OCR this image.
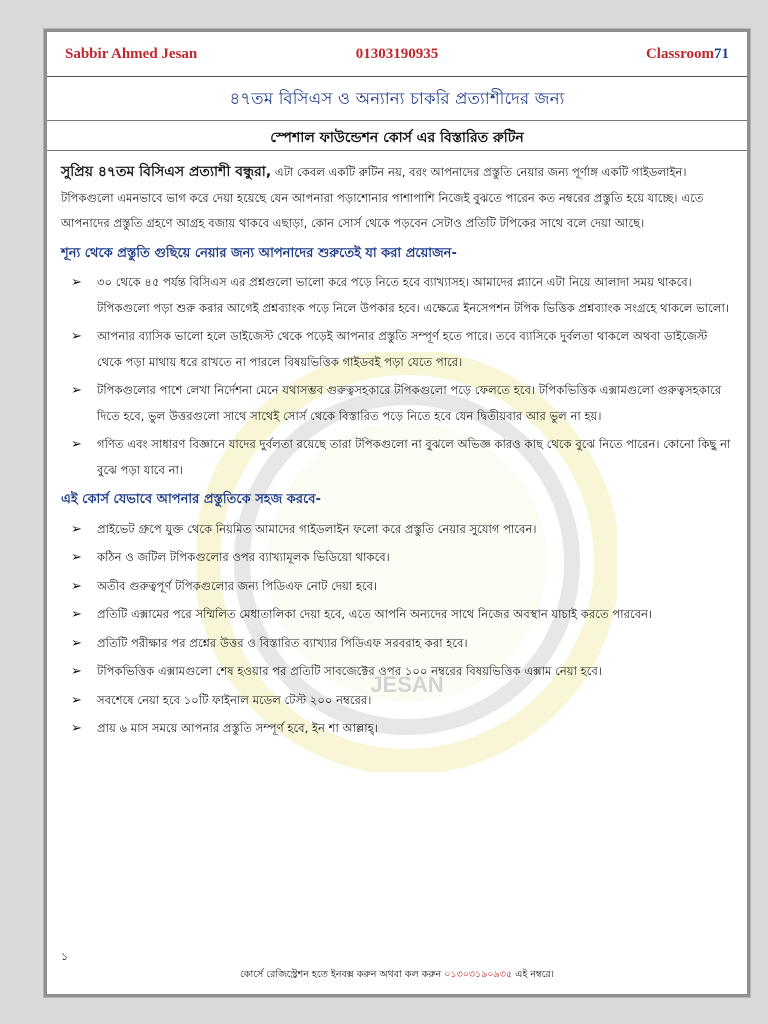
JESAN
Sabbir Ahmed Jesan	01303190935	Classroom71
৪৭তম বিসিএস ও অন্যান্য চাকরি প্রত্যাশীদের জন্য
স্পেশাল ফাউন্ডেশন কোর্স এর বিস্তারিত রুটিন
সুপ্রিয় ৪৭তম বিসিএস প্রত্যাশী বন্ধুরা, এটা কেবল একটি রুটিন নয়, বরং আপনাদের প্রস্তুতি নেয়ার জন্য পূর্ণাঙ্গ একটি গাইডলাইন। টপিকগুলো এমনভাবে ভাগ করে দেয়া হয়েছে যেন আপনারা পড়াশোনার পাশাপাশি নিজেই বুঝতে পারেন কত নম্বরের প্রস্তুতি হয়ে যাচ্ছে। এতে আপনাদের প্রস্তুতি গ্রহণে আগ্রহ বজায় থাকবে এছাড়া, কোন সোর্স থেকে পড়বেন সেটাও প্রতিটি টপিকের সাথে বলে দেয়া আছে।
শূন্য থেকে প্রস্তুতি গুছিয়ে নেয়ার জন্য আপনাদের শুরুতেই যা করা প্রয়োজন-
➢ ৩০ থেকে ৪৫ পর্যন্ত বিসিএস এর প্রশ্নগুলো ভালো করে পড়ে নিতে হবে ব্যাখ্যাসহ। আমাদের প্ল্যানে এটা নিয়ে আলাদা সময় থাকবে। টপিকগুলো পড়া শুরু করার আগেই প্রশ্নব্যাংক পড়ে নিলে উপকার হবে। এক্ষেত্রে ইনসেপশন টপিক ভিত্তিক প্রশ্নব্যাংক সংগ্রহে থাকলে ভালো।
➢ আপনার ব্যাসিক ভালো হলে ডাইজেস্ট থেকে পড়েই আপনার প্রস্তুতি সম্পূর্ণ হতে পারে। তবে ব্যাসিকে দুর্বলতা থাকলে অথবা ডাইজেস্ট থেকে পড়া মাথায় ধরে রাখতে না পারলে বিষয়ভিত্তিক গাইডবই পড়া যেতে পারে।
➢ টপিকগুলোর পাশে লেখা নির্দেশনা মেনে যথাসম্ভব গুরুত্বসহকারে টপিকগুলো পড়ে ফেলতে হবে। টপিকভিত্তিক এক্সামগুলো গুরুত্বসহকারে দিতে হবে, ভুল উত্তরগুলো সাথে সাথেই সোর্স থেকে বিস্তারিত পড়ে নিতে হবে যেন দ্বিতীয়বার আর ভুল না হয়।
➢ গণিত এবং সাধারণ বিজ্ঞানে যাদের দুর্বলতা রয়েছে তারা টপিকগুলো না বুঝলে অভিজ্ঞ কারও কাছ থেকে বুঝে নিতে পারেন। কোনো কিছু না বুঝে পড়া যাবে না।
এই কোর্স যেভাবে আপনার প্রস্তুতিকে সহজ করবে-
➢ প্রাইভেট গ্রুপে যুক্ত থেকে নিয়মিত আমাদের গাইডলাইন ফলো করে প্রস্তুতি নেয়ার সুযোগ পাবেন।
➢ কঠিন ও জটিল টপিকগুলোর ওপর ব্যাখ্যামূলক ভিডিয়ো থাকবে।
➢ অতীব গুরুত্বপূর্ণ টপিকগুলোর জন্য পিডিএফ নোট দেয়া হবে।
➢ প্রতিটি এক্সামের পরে সম্মিলিত মেধাতালিকা দেয়া হবে, এতে আপনি অন্যদের সাথে নিজের অবস্থান যাচাই করতে পারবেন।
➢ প্রতিটি পরীক্ষার পর প্রশ্নের উত্তর ও বিস্তারিত ব্যাখ্যার পিডিএফ সরবরাহ করা হবে।
➢ টপিকভিত্তিক এক্সামগুলো শেষ হওয়ার পর প্রতিটি সাবজেক্টের ওপর ১০০ নম্বরের বিষয়ভিত্তিক এক্সাম নেয়া হবে।
➢ সবশেষে নেয়া হবে ১০টি ফাইনাল মডেল টেস্ট ২০০ নম্বরের।
➢ প্রায় ৬ মাস সময়ে আপনার প্রস্তুতি সম্পূর্ণ হবে, ইন শা আল্লাহ্‌।
১
কোর্সে রেজিস্ট্রেশন হতে ইনবক্স করুন অথবা কল করুন ০১৩০৩১৯০৯৩৫ এই নম্বরে।
